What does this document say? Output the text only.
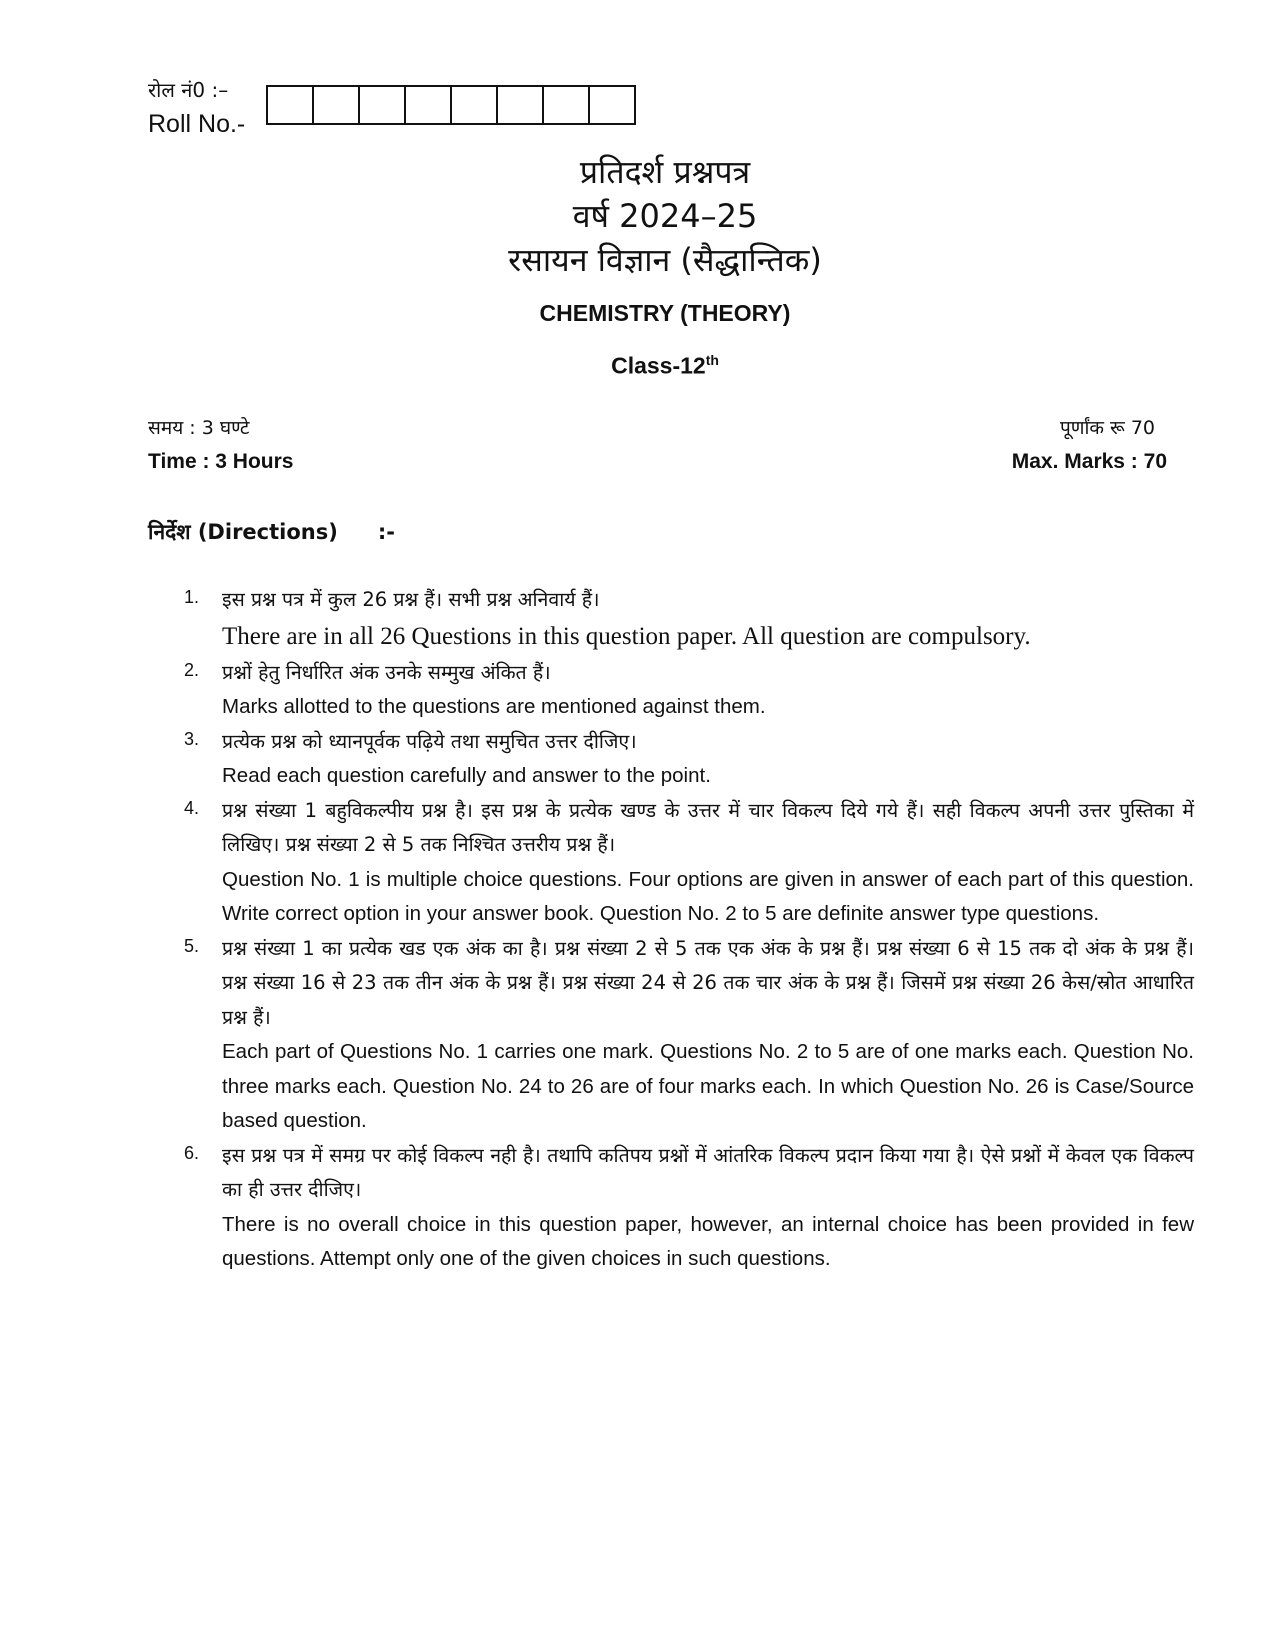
रोल नं0 :–
Roll No.-
प्रतिदर्श प्रश्नपत्र
वर्ष 2024–25
रसायन विज्ञान (सैद्धान्तिक)
CHEMISTRY (THEORY)
Class-12th
समय : 3 घण्टे
Time : 3 Hours
पूर्णांक रू 70
Max. Marks : 70
निर्देश (Directions) :-
1.	इस प्रश्न पत्र में कुल 26 प्रश्न हैं। सभी प्रश्न अनिवार्य हैं।
There are in all 26 Questions in this question paper. All question are compulsory.
2.	प्रश्नों हेतु निर्धारित अंक उनके सम्मुख अंकित हैं।
Marks allotted to the questions are mentioned against them.
3.	प्रत्येक प्रश्न को ध्यानपूर्वक पढ़िये तथा समुचित उत्तर दीजिए।
Read each question carefully and answer to the point.
4.	प्रश्न संख्या 1 बहुविकल्पीय प्रश्न है। इस प्रश्न के प्रत्येक खण्ड के उत्तर में चार विकल्प दिये गये हैं। सही विकल्प अपनी उत्तर पुस्तिका में लिखिए। प्रश्न संख्या 2 से 5 तक निश्चित उत्तरीय प्रश्न हैं।
Question No. 1 is multiple choice questions. Four options are given in answer of each part of this question. Write correct option in your answer book. Question No. 2 to 5 are definite answer type questions.
5.	प्रश्न संख्या 1 का प्रत्येक खड एक अंक का है। प्रश्न संख्या 2 से 5 तक एक अंक के प्रश्न हैं। प्रश्न संख्या 6 से 15 तक दो अंक के प्रश्न हैं। प्रश्न संख्या 16 से 23 तक तीन अंक के प्रश्न हैं। प्रश्न संख्या 24 से 26 तक चार अंक के प्रश्न हैं। जिसमें प्रश्न संख्या 26 केस/स्रोत आधारित प्रश्न हैं।
Each part of Questions No. 1 carries one mark. Questions No. 2 to 5 are of one marks each. Question No. three marks each. Question No. 24 to 26 are of four marks each. In which Question No. 26 is Case/Source based question.
6.	इस प्रश्न पत्र में समग्र पर कोई विकल्प नही है। तथापि कतिपय प्रश्नों में आंतरिक विकल्प प्रदान किया गया है। ऐसे प्रश्नों में केवल एक विकल्प का ही उत्तर दीजिए।
There is no overall choice in this question paper, however, an internal choice has been provided in few questions. Attempt only one of the given choices in such questions.
